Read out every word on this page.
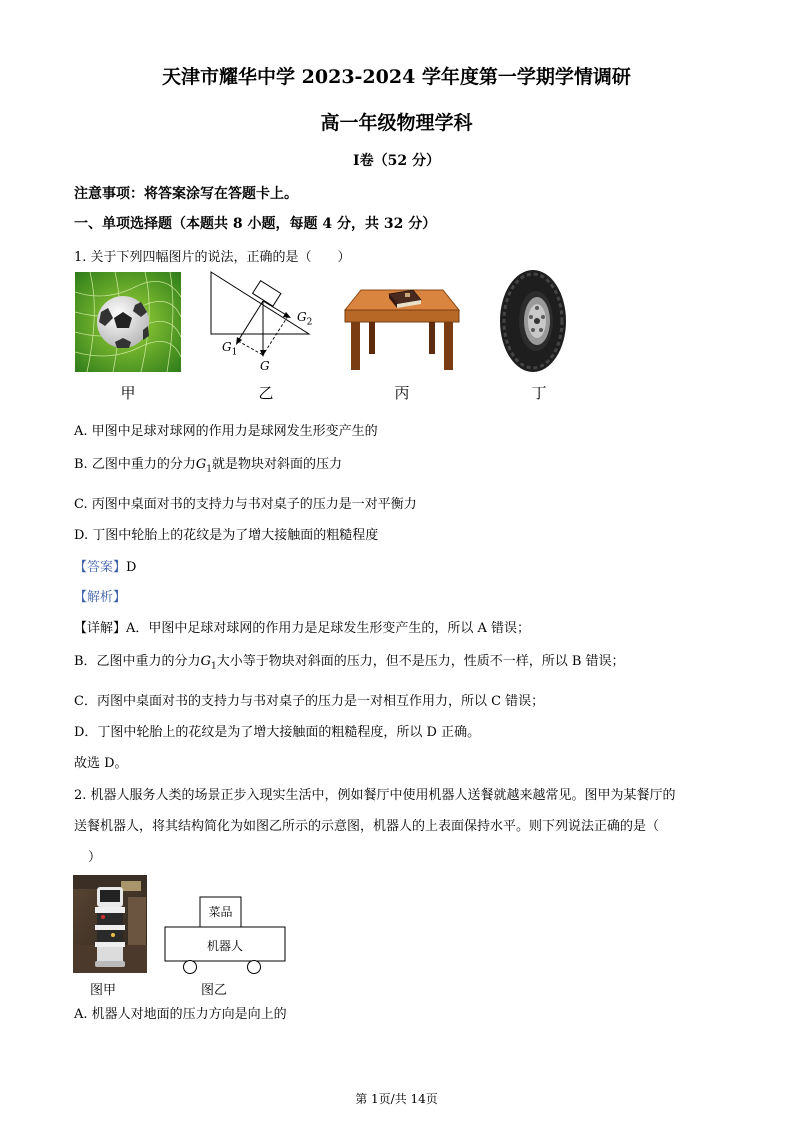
天津市耀华中学 2023-2024 学年度第一学期学情调研
高一年级物理学科
Ⅰ卷（52 分）
注意事项：将答案涂写在答题卡上。
一、单项选择题（本题共 8 小题，每题 4 分，共 32 分）
1. 关于下列四幅图片的说法，正确的是（　　）
$G_2$
$G_1$
G
甲	乙	丙	丁
A. 甲图中足球对球网的作用力是球网发生形变产生的
B. 乙图中重力的分力$G_1$就是物块对斜面的压力
C. 丙图中桌面对书的支持力与书对桌子的压力是一对平衡力
D. 丁图中轮胎上的花纹是为了增大接触面的粗糙程度
【答案】D
【解析】
【详解】A．甲图中足球对球网的作用力是足球发生形变产生的，所以 A 错误；
B．乙图中重力的分力$G_1$大小等于物块对斜面的压力，但不是压力，性质不一样，所以 B 错误；
C．丙图中桌面对书的支持力与书对桌子的压力是一对相互作用力，所以 C 错误；
D．丁图中轮胎上的花纹是为了增大接触面的粗糙程度，所以 D 正确。
故选 D。
2. 机器人服务人类的场景正步入现实生活中，例如餐厅中使用机器人送餐就越来越常见。图甲为某餐厅的
送餐机器人，将其结构简化为如图乙所示的示意图，机器人的上表面保持水平。则下列说法正确的是（
）
菜品
机器人
图甲	图乙
A. 机器人对地面的压力方向是向上的
第 1页/共 14页
